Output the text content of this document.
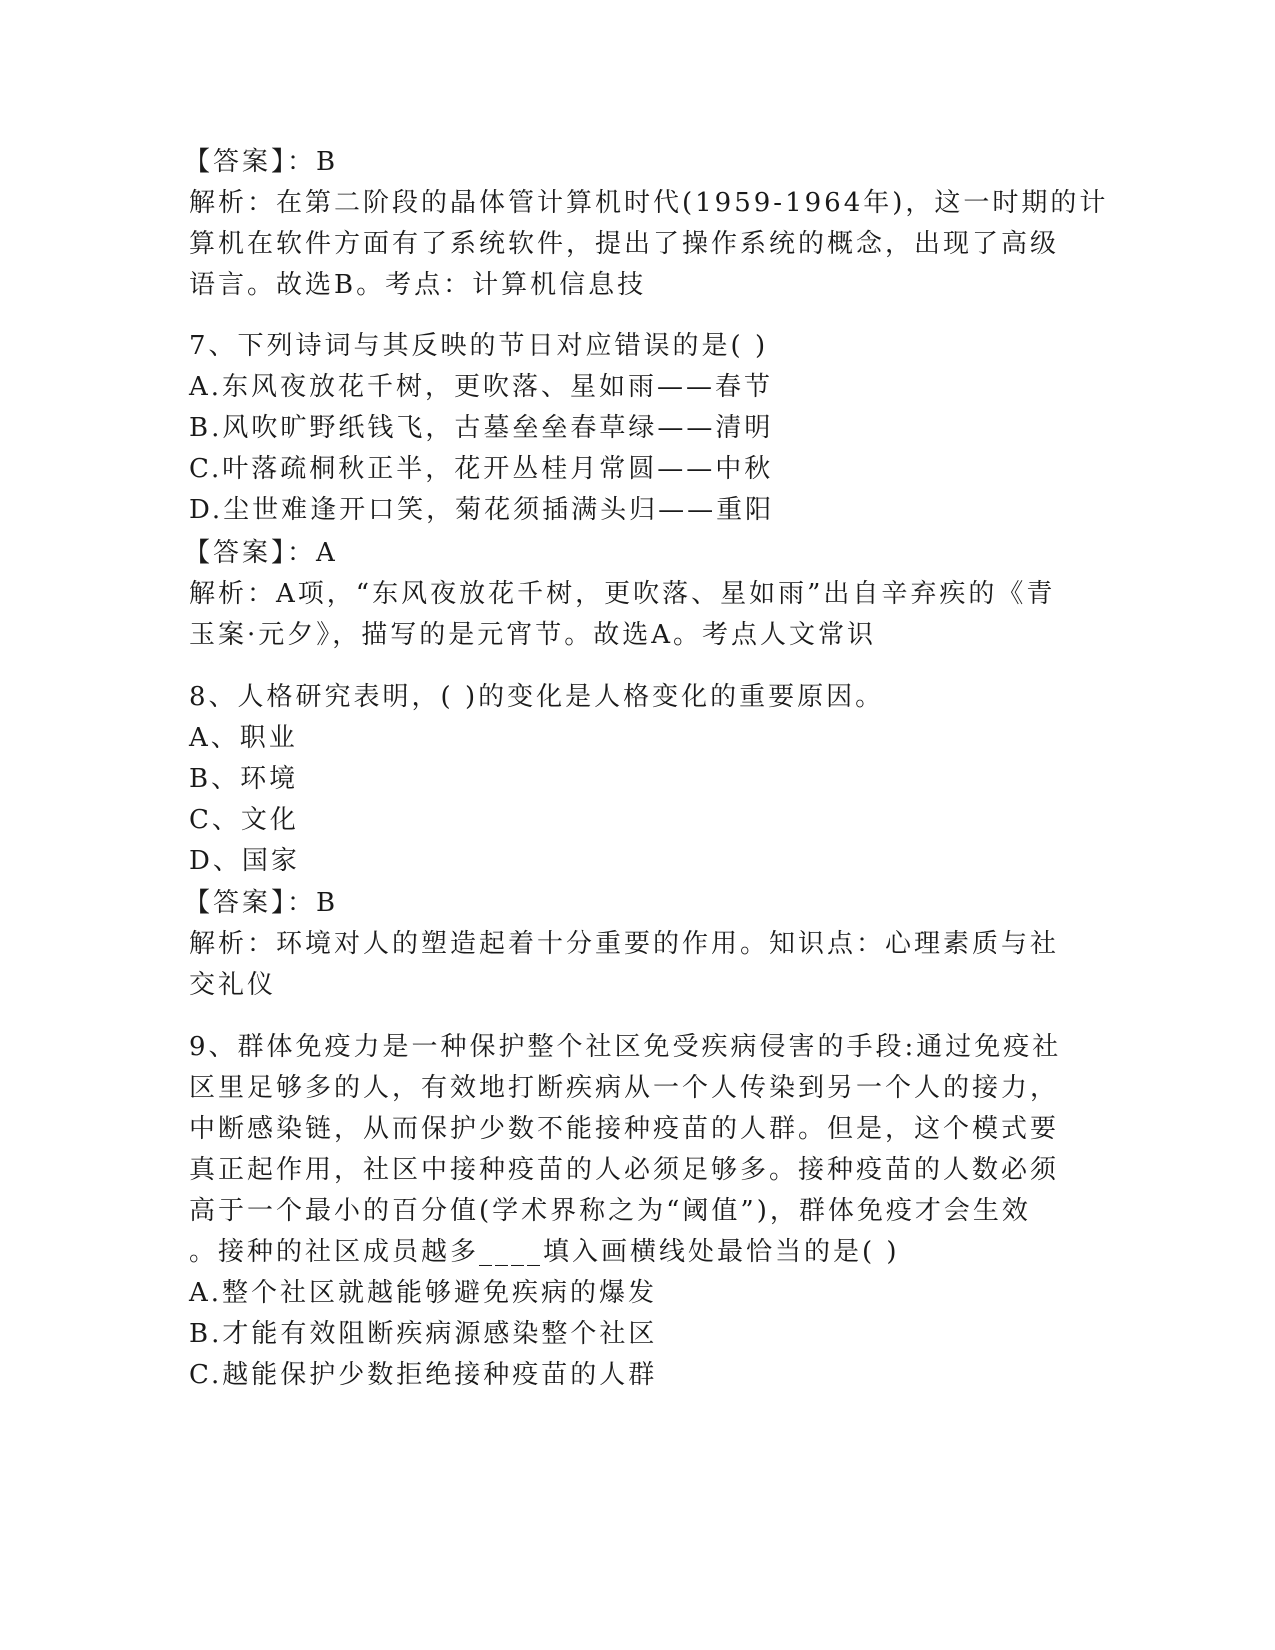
【答案】：B
解析：在第二阶段的晶体管计算机时代(1959-1964年)，这一时期的计
算机在软件方面有了系统软件，提出了操作系统的概念，出现了高级
语言。故选B。考点：计算机信息技
7、下列诗词与其反映的节日对应错误的是( )
A.东风夜放花千树，更吹落、星如雨——春节
B.风吹旷野纸钱飞，古墓垒垒春草绿——清明
C.叶落疏桐秋正半，花开丛桂月常圆——中秋
D.尘世难逢开口笑，菊花须插满头归——重阳
【答案】：A
解析：A项，“东风夜放花千树，更吹落、星如雨”出自辛弃疾的《青
玉案·元夕》，描写的是元宵节。故选A。考点人文常识
8、人格研究表明，( )的变化是人格变化的重要原因。
A、职业
B、环境
C、文化
D、国家
【答案】：B
解析：环境对人的塑造起着十分重要的作用。知识点：心理素质与社
交礼仪
9、群体免疫力是一种保护整个社区免受疾病侵害的手段:通过免疫社
区里足够多的人，有效地打断疾病从一个人传染到另一个人的接力，
中断感染链，从而保护少数不能接种疫苗的人群。但是，这个模式要
真正起作用，社区中接种疫苗的人必须足够多。接种疫苗的人数必须
高于一个最小的百分值(学术界称之为“阈值”)，群体免疫才会生效
。接种的社区成员越多____填入画横线处最恰当的是( )
A.整个社区就越能够避免疾病的爆发
B.才能有效阻断疾病源感染整个社区
C.越能保护少数拒绝接种疫苗的人群
